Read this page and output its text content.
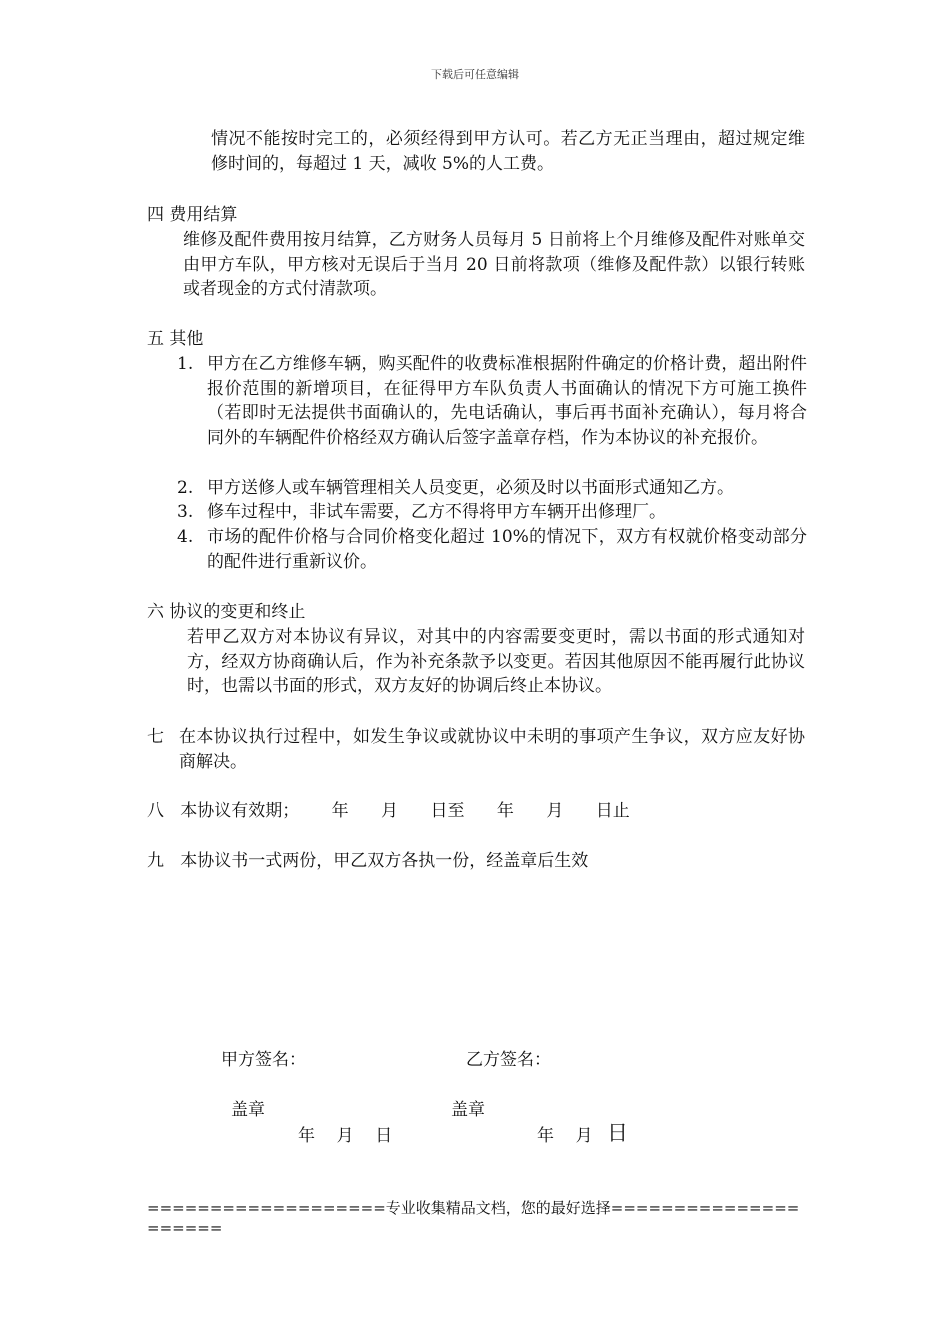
下载后可任意编辑
情况不能按时完工的，必须经得到甲方认可。若乙方无正当理由，超过规定维修时间的，每超过 1 天，减收 5%的人工费。
四 费用结算
维修及配件费用按月结算，乙方财务人员每月 5 日前将上个月维修及配件对账单交由甲方车队，甲方核对无误后于当月 20 日前将款项（维修及配件款）以银行转账或者现金的方式付清款项。
五 其他
1. 甲方在乙方维修车辆，购买配件的收费标准根据附件确定的价格计费，超出附件报价范围的新增项目，在征得甲方车队负责人书面确认的情况下方可施工换件（若即时无法提供书面确认的，先电话确认，事后再书面补充确认），每月将合同外的车辆配件价格经双方确认后签字盖章存档，作为本协议的补充报价。
2. 甲方送修人或车辆管理相关人员变更，必须及时以书面形式通知乙方。
3. 修车过程中，非试车需要，乙方不得将甲方车辆开出修理厂。
4. 市场的配件价格与合同价格变化超过 10%的情况下，双方有权就价格变动部分的配件进行重新议价。
六 协议的变更和终止
若甲乙双方对本协议有异议，对其中的内容需要变更时，需以书面的形式通知对方，经双方协商确认后，作为补充条款予以变更。若因其他原因不能再履行此协议时，也需以书面的形式，双方友好的协调后终止本协议。
七 在本协议执行过程中，如发生争议或就协议中未明的事项产生争议，双方应友好协商解决。
八   本协议有效期；      年      月      日至      年      月      日止
九   本协议书一式两份，甲乙双方各执一份，经盖章后生效
甲方签名：	乙方签名：
盖章	盖章
年    月    日	年    月 日
===================专业收集精品文档，您的最好选择=====================
